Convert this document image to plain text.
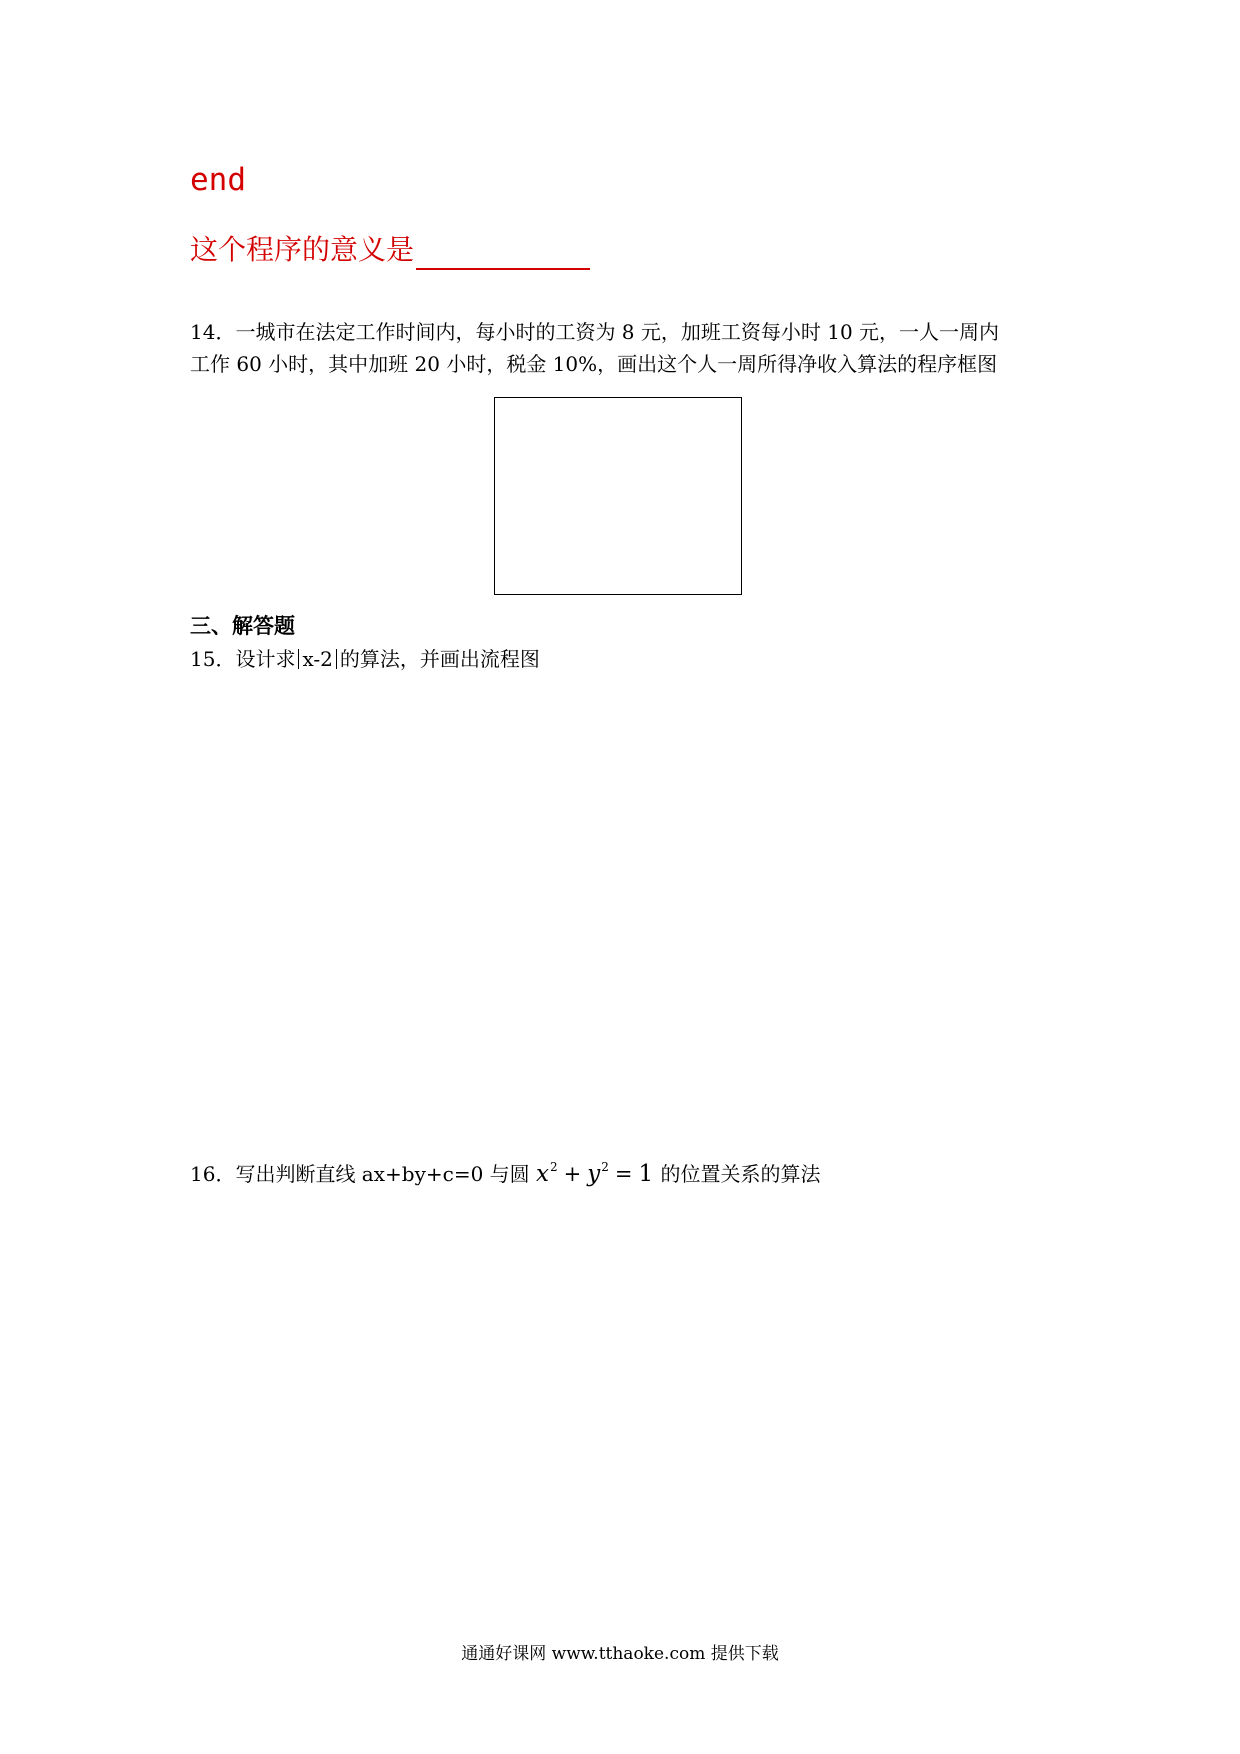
end
这个程序的意义是
14．一城市在法定工作时间内，每小时的工资为 8 元，加班工资每小时 10 元，一人一周内
工作 60 小时，其中加班 20 小时，税金 10%，画出这个人一周所得净收入算法的程序框图
三、解答题
15．设计求 x-2 的算法，并画出流程图
16．写出判断直线 ax+by+c=0 与圆 $x^2 + y^2 = 1$ 的位置关系的算法
通通好课网 www.tthaoke.com 提供下载
